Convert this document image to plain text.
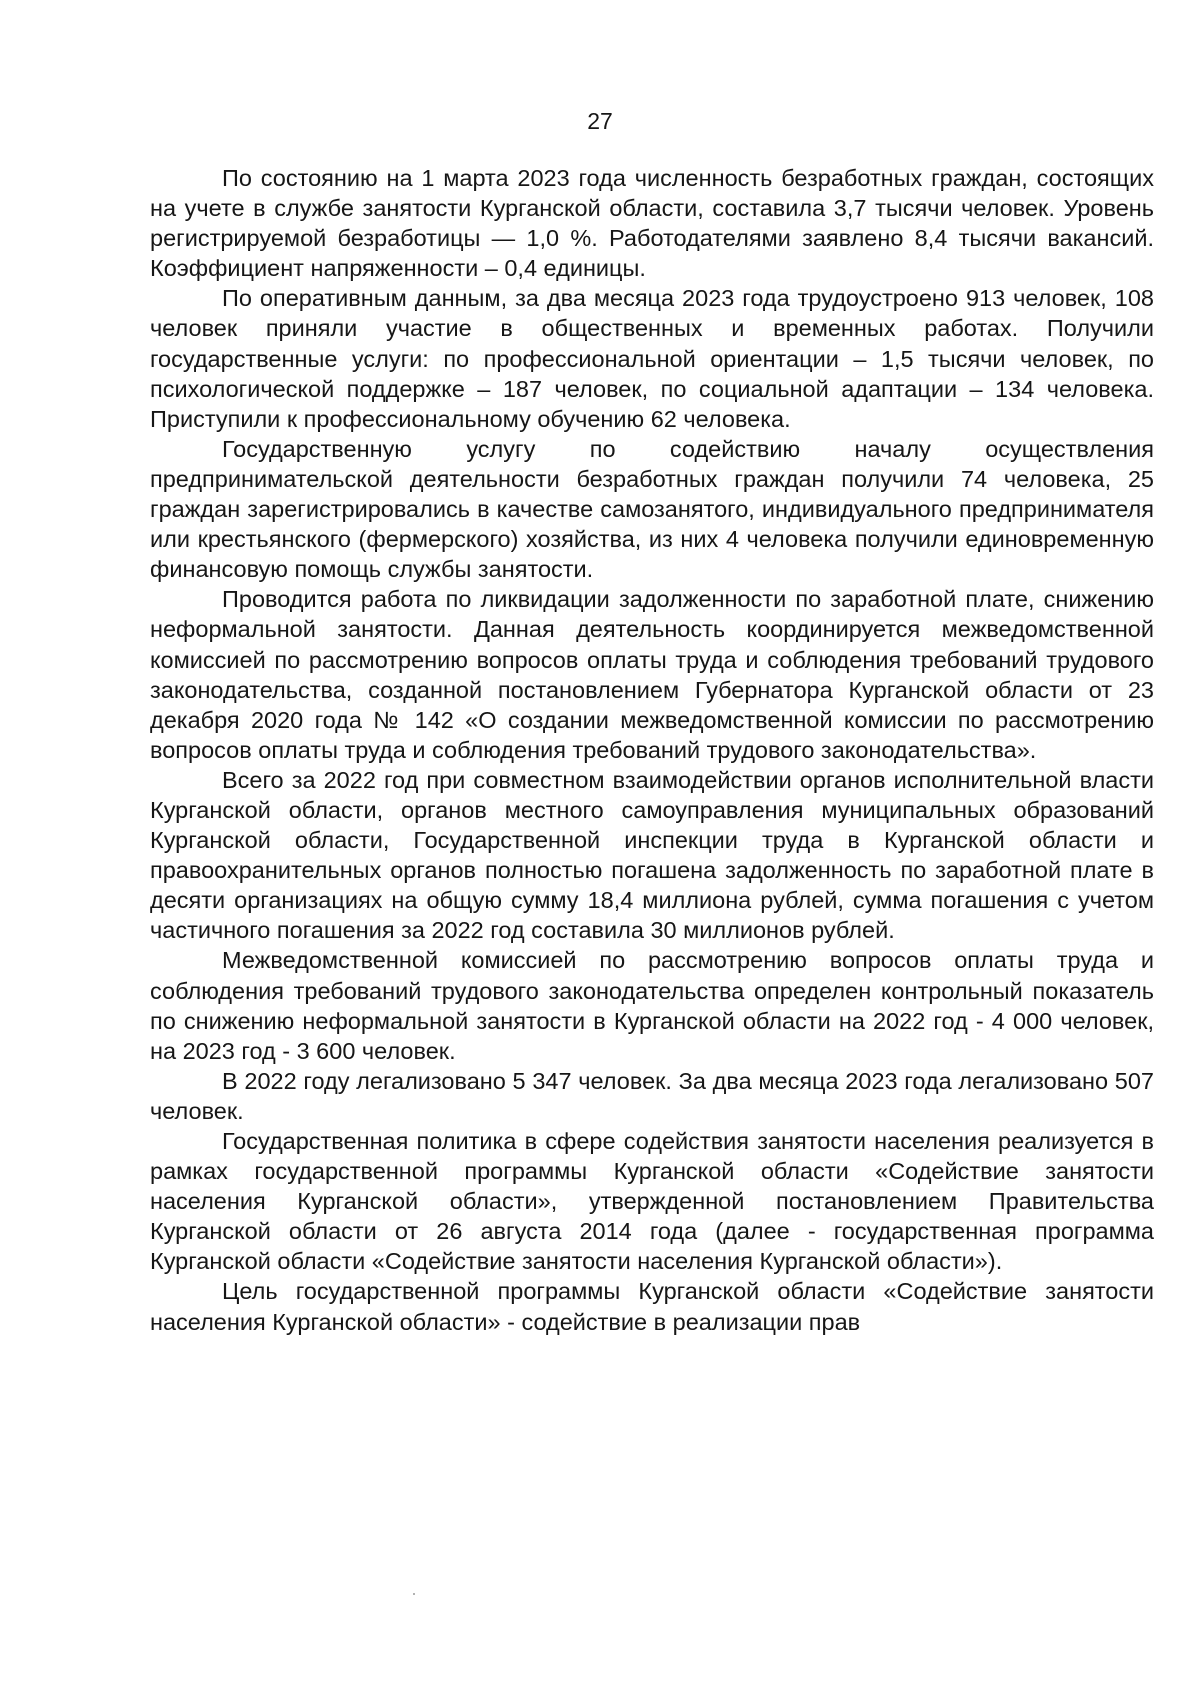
27

По состоянию на 1 марта 2023 года численность безработных граждан, состоящих на учете в службе занятости Курганской области, составила 3,7 тысячи человек. Уровень регистрируемой безработицы — 1,0 %. Работодателями заявлено 8,4 тысячи вакансий. Коэффициент напряженности – 0,4 единицы.

По оперативным данным, за два месяца 2023 года трудоустроено 913 человек, 108 человек приняли участие в общественных и временных работах. Получили государственные услуги: по профессиональной ориентации – 1,5 тысячи человек, по психологической поддержке – 187 человек, по социальной адаптации – 134 человека. Приступили к профессиональному обучению 62 человека.

Государственную услугу по содействию началу осуществления предпринимательской деятельности безработных граждан получили 74 человека, 25 граждан зарегистрировались в качестве самозанятого, индивидуального предпринимателя или крестьянского (фермерского) хозяйства, из них 4 человека получили единовременную финансовую помощь службы занятости.

Проводится работа по ликвидации задолженности по заработной плате, снижению неформальной занятости. Данная деятельность координируется межведомственной комиссией по рассмотрению вопросов оплаты труда и соблюдения требований трудового законодательства, созданной постановлением Губернатора Курганской области от 23 декабря 2020 года № 142 «О создании межведомственной комиссии по рассмотрению вопросов оплаты труда и соблюдения требований трудового законодательства».

Всего за 2022 год при совместном взаимодействии органов исполнительной власти Курганской области, органов местного самоуправления муниципальных образований Курганской области, Государственной инспекции труда в Курганской области и правоохранительных органов полностью погашена задолженность по заработной плате в десяти организациях на общую сумму 18,4 миллиона рублей, сумма погашения с учетом частичного погашения за 2022 год составила 30 миллионов рублей.

Межведомственной комиссией по рассмотрению вопросов оплаты труда и соблюдения требований трудового законодательства определен контрольный показатель по снижению неформальной занятости в Курганской области на 2022 год - 4 000 человек, на 2023 год - 3 600 человек.

В 2022 году легализовано 5 347 человек. За два месяца 2023 года легализовано 507 человек.

Государственная политика в сфере содействия занятости населения реализуется в рамках государственной программы Курганской области «Содействие занятости населения Курганской области», утвержденной постановлением Правительства Курганской области от 26 августа 2014 года (далее - государственная программа Курганской области «Содействие занятости населения Курганской области»).

Цель государственной программы Курганской области «Содействие занятости населения Курганской области» - содействие в реализации прав
